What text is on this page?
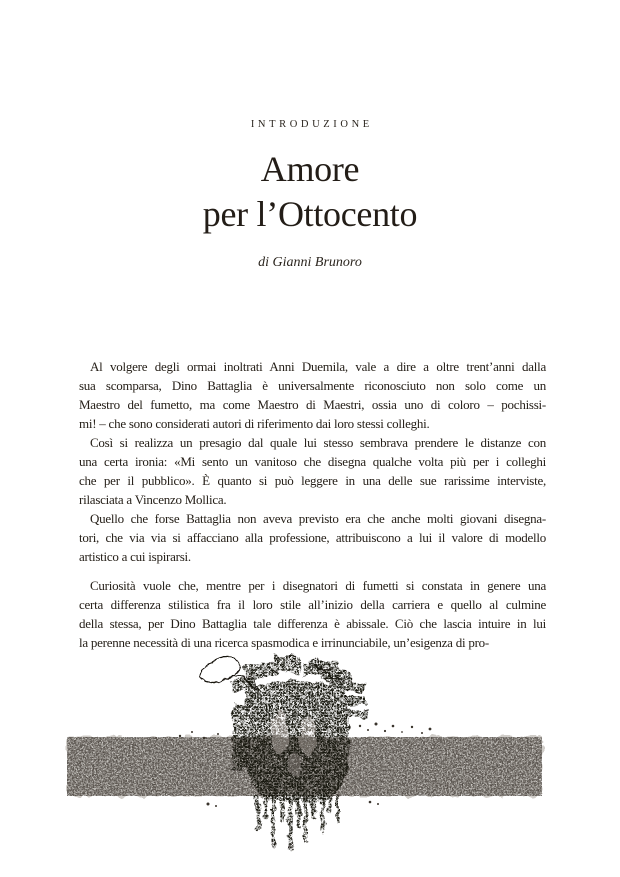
INTRODUZIONE
Amore
per l’Ottocento
di Gianni Brunoro
Al volgere degli ormai inoltrati Anni Duemila, vale a dire a oltre trent’anni dalla
sua scomparsa, Dino Battaglia è universalmente riconosciuto non solo come un
Maestro del fumetto, ma come Maestro di Maestri, ossia uno di coloro – pochissi-
mi! – che sono considerati autori di riferimento dai loro stessi colleghi.
Così si realizza un presagio dal quale lui stesso sembrava prendere le distanze con
una certa ironia: «Mi sento un vanitoso che disegna qualche volta più per i colleghi
che per il pubblico». È quanto si può leggere in una delle sue rarissime interviste,
rilasciata a Vincenzo Mollica.
Quello che forse Battaglia non aveva previsto era che anche molti giovani disegna-
tori, che via via si affacciano alla professione, attribuiscono a lui il valore di modello
artistico a cui ispirarsi.
Curiosità vuole che, mentre per i disegnatori di fumetti si constata in genere una
certa differenza stilistica fra il loro stile all’inizio della carriera e quello al culmine
della stessa, per Dino Battaglia tale differenza è abissale. Ciò che lascia intuire in lui
la perenne necessità di una ricerca spasmodica e irrinunciabile, un’esigenza di pro-
